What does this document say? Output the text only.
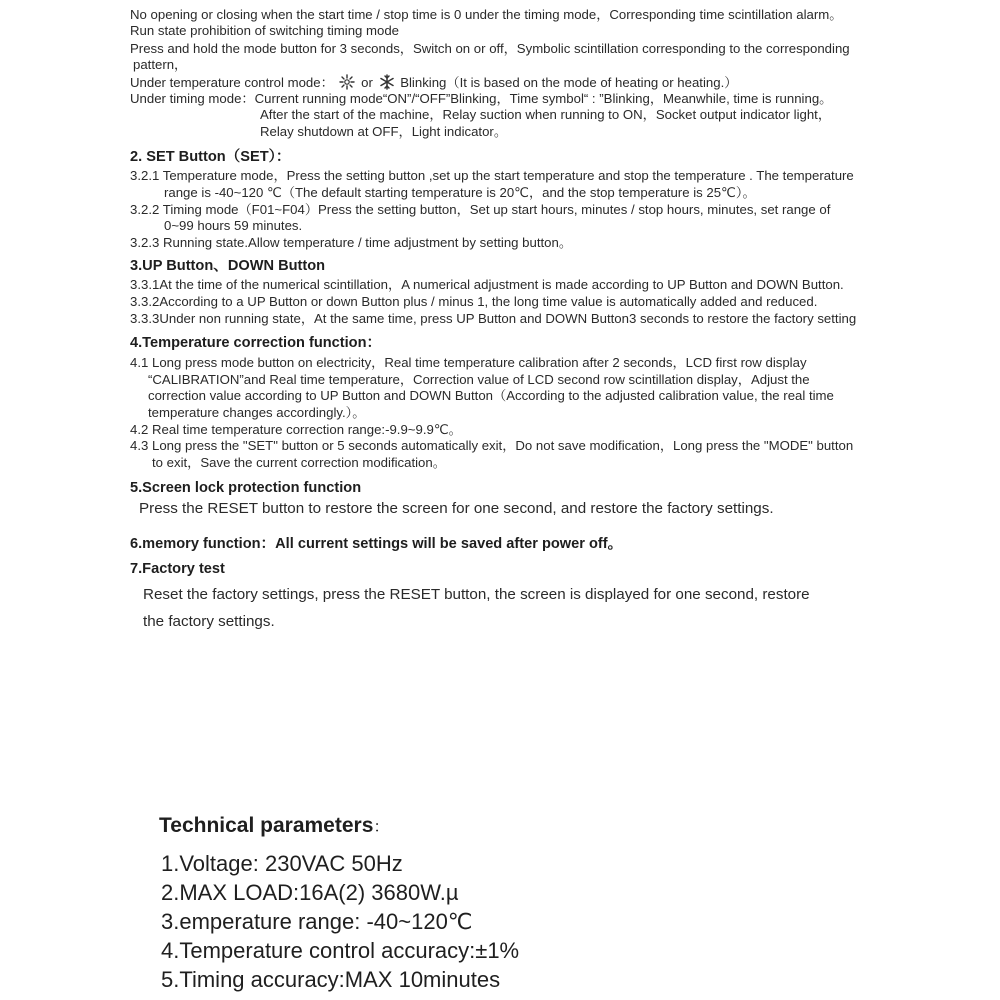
No opening or closing when the start time / stop time is 0 under the timing mode，Corresponding time scintillation alarm。
Run state prohibition of switching timing mode
Press and hold the mode button for 3 seconds，Switch on or off，Symbolic scintillation corresponding to the corresponding
pattern，
Under temperature control mode： or Blinking（It is based on the mode of heating or heating.）
Under timing mode：Current running mode“ON”/“OFF”Blinking，Time symbol“ : ”Blinking，Meanwhile, time is running。
After the start of the machine，Relay suction when running to ON，Socket output indicator light，
Relay shutdown at OFF，Light indicator。
2. SET Button（SET）：
3.2.1 Temperature mode，Press the setting button ,set up the start temperature and stop the temperature . The temperature
range is -40~120 ℃（The default starting temperature is 20℃，and the stop temperature is 25℃）。
3.2.2 Timing mode（F01~F04）Press the setting button，Set up start hours, minutes / stop hours, minutes, set range of
0~99 hours 59 minutes.
3.2.3 Running state.Allow temperature / time adjustment by setting button。
3.UP Button、DOWN Button
3.3.1At the time of the numerical scintillation，A numerical adjustment is made according to UP Button and DOWN Button.
3.3.2According to a UP Button or down Button plus / minus 1, the long time value is automatically added and reduced.
3.3.3Under non running state，At the same time, press UP Button and DOWN Button3 seconds to restore the factory setting
4.Temperature correction function：
4.1 Long press mode button on electricity，Real time temperature calibration after 2 seconds，LCD first row display
“CALIBRATION”and Real time temperature，Correction value of LCD second row scintillation display，Adjust the
correction value according to UP Button and DOWN Button（According to the adjusted calibration value, the real time
temperature changes accordingly.）。
4.2 Real time temperature correction range:-9.9~9.9℃。
4.3 Long press the "SET" button or 5 seconds automatically exit，Do not save modification，Long press the "MODE" button
to exit，Save the current correction modification。
5.Screen lock protection function
Press the RESET button to restore the screen for one second, and restore the factory settings.
6.memory function：All current settings will be saved after power off。
7.Factory test
Reset the factory settings, press the RESET button, the screen is displayed for one second, restore
the factory settings.
Technical parameters：
1.Voltage: 230VAC 50Hz
2.MAX LOAD:16A(2) 3680W.µ
3.emperature range: -40~120℃
4.Temperature control accuracy:±1%
5.Timing accuracy:MAX 10minutes
